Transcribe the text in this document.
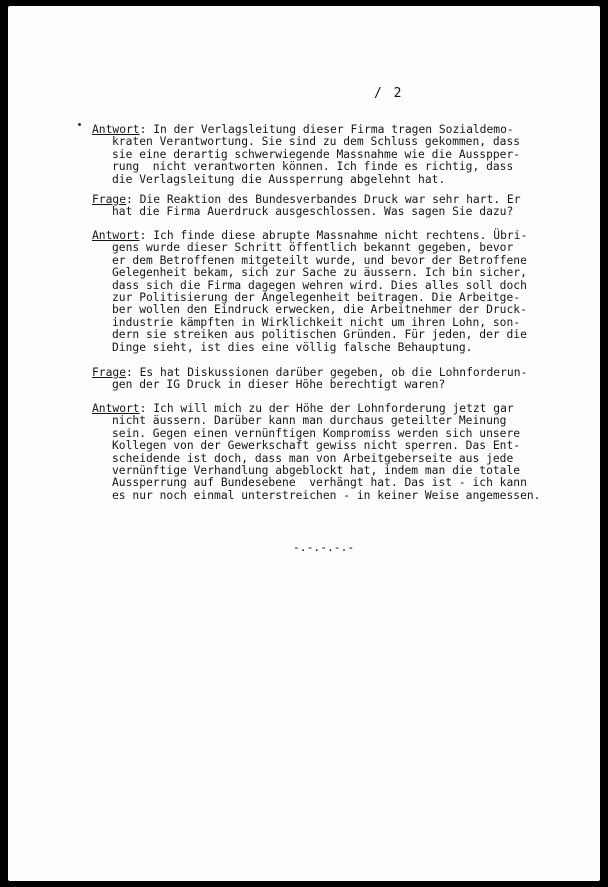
/ 2
Antwort: In der Verlagsleitung dieser Firma tragen Sozialdemo-
kraten Verantwortung. Sie sind zu dem Schluss gekommen, dass
sie eine derartig schwerwiegende Massnahme wie die Ausspper-
rung  nicht verantworten können. Ich finde es richtig, dass
die Verlagsleitung die Aussperrung abgelehnt hat.
Frage: Die Reaktion des Bundesverbandes Druck war sehr hart. Er
hat die Firma Auerdruck ausgeschlossen. Was sagen Sie dazu?
Antwort: Ich finde diese abrupte Massnahme nicht rechtens. Übri-
gens wurde dieser Schritt öffentlich bekannt gegeben, bevor
er dem Betroffenen mitgeteilt wurde, und bevor der Betroffene
Gelegenheit bekam, sich zur Sache zu äussern. Ich bin sicher,
dass sich die Firma dagegen wehren wird. Dies alles soll doch
zur Politisierung der Angelegenheit beitragen. Die Arbeitge-
ber wollen den Eindruck erwecken, die Arbeitnehmer der Druck-
industrie kämpften in Wirklichkeit nicht um ihren Lohn, son-
dern sie streiken aus politischen Gründen. Für jeden, der die
Dinge sieht, ist dies eine völlig falsche Behauptung.
Frage: Es hat Diskussionen darüber gegeben, ob die Lohnforderun-
gen der IG Druck in dieser Höhe berechtigt waren?
Antwort: Ich will mich zu der Höhe der Lohnforderung jetzt gar
nicht äussern. Darüber kann man durchaus geteilter Meinung
sein. Gegen einen vernünftigen Kompromiss werden sich unsere
Kollegen von der Gewerkschaft gewiss nicht sperren. Das Ent-
scheidende ist doch, dass man von Arbeitgeberseite aus jede
vernünftige Verhandlung abgeblockt hat, indem man die totale
Aussperrung auf Bundesebene  verhängt hat. Das ist - ich kann
es nur noch einmal unterstreichen - in keiner Weise angemessen.
-.-.-.-.-
